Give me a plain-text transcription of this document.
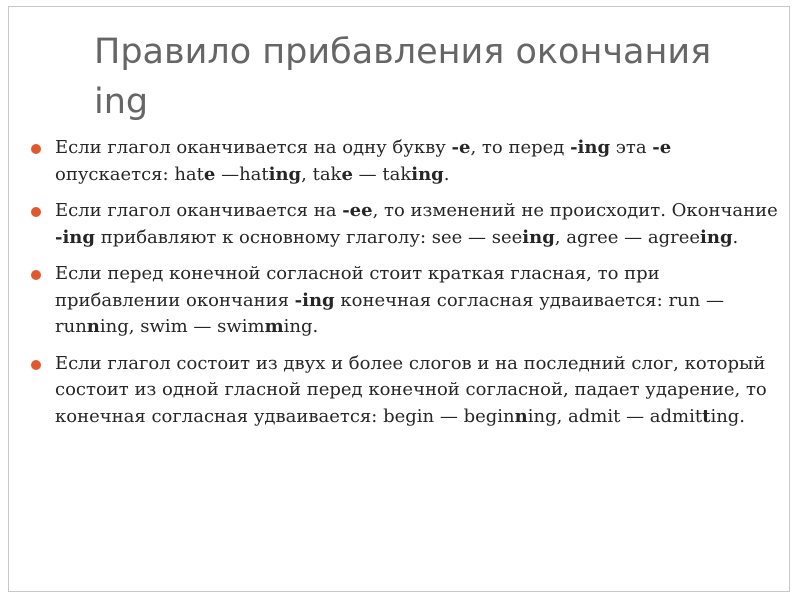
Правило прибавления окончания ing
Если глагол оканчивается на одну букву -е, то перед -ing эта -е опускается: hate —hating, take — taking.
Если глагол оканчивается на -ee, то изменений не происходит. Окончание -ing прибавляют к основному глаголу: see — seeing, agree — agreeing.
Если перед конечной согласной стоит краткая гласная, то при прибавлении окончания -ing конечная согласная удваивается: run — running, swim — swimming.
Если глагол состоит из двух и более слогов и на последний слог, который состоит из одной гласной перед конечной согласной, падает ударение, то конечная согласная удваивается: begin — beginning, admit — admitting.
